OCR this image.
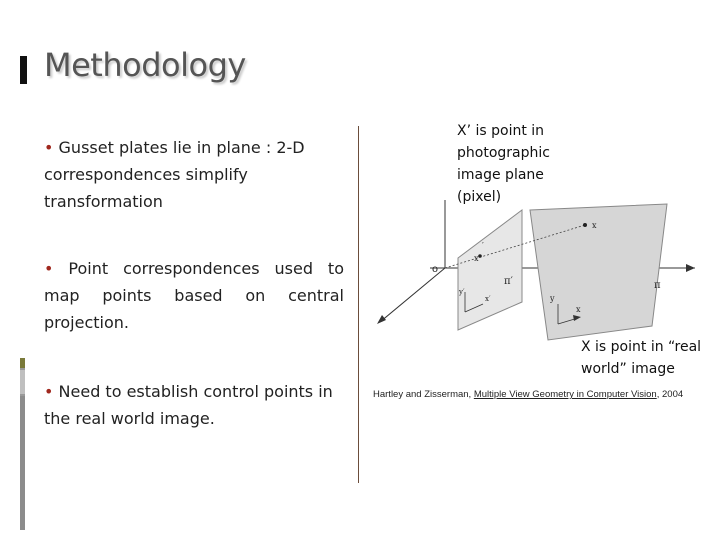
Methodology
• Gusset plates lie in plane : 2-D correspondences simplify transformation
• Point correspondences used to map points based on central projection.
• Need to establish control points in the real world image.
X’ is point in photographic image plane (pixel)
o
x
′
x
π′	π
y′
x′	y
x
X is point in “real world” image
Hartley and Zisserman, Multiple View Geometry in Computer Vision, 2004
